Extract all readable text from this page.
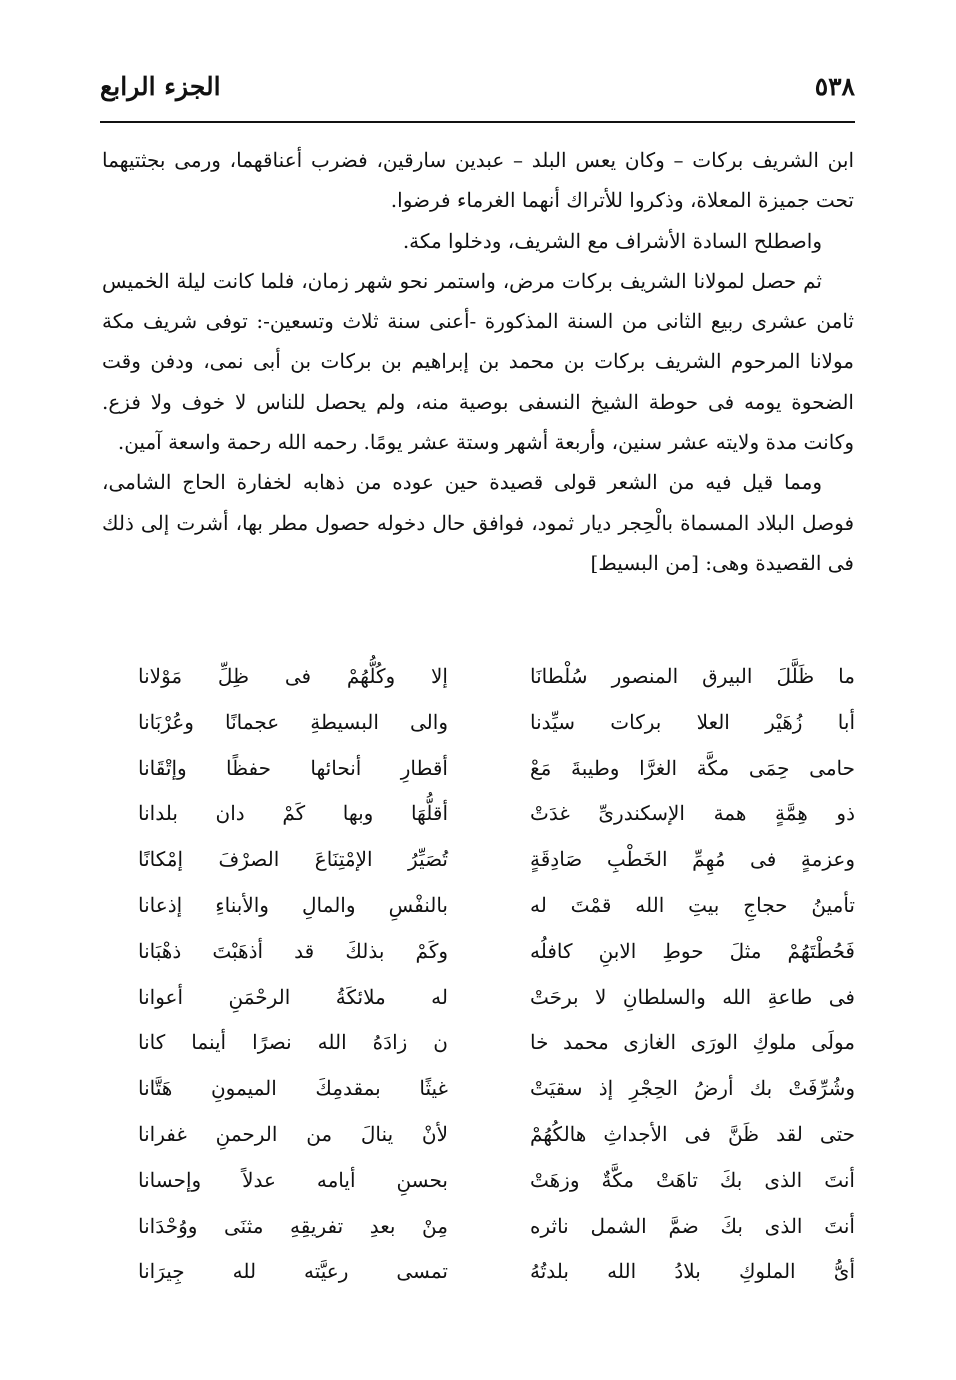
٥٣٨
الجزء الرابع

ابن الشريف بركات – وكان يعس البلد – عبدين سارقين، فضرب أعناقهما، ورمى بجثتيهما تحت جميزة المعلاة، وذكروا للأتراك أنهما الغرماء فرضوا.

واصطلح السادة الأشراف مع الشريف، ودخلوا مكة.

ثم حصل لمولانا الشريف بركات مرض، واستمر نحو شهر زمان، فلما كانت ليلة الخميس ثامن عشرى ربيع الثانى من السنة المذكورة -أعنى سنة ثلاث وتسعين-: توفى شريف مكة مولانا المرحوم الشريف بركات بن محمد بن إبراهيم بن بركات بن أبى نمى، ودفن وقت الضحوة يومه فى حوطة الشيخ النسفى بوصية منه، ولم يحصل للناس لا خوف ولا فزع. وكانت مدة ولايته عشر سنين، وأربعة أشهر وستة عشر يومًا. رحمه الله رحمة واسعة آمين.

ومما قيل فيه من الشعر قولى قصيدة حين عوده من ذهابه لخفارة الحاج الشامى، فوصل البلاد المسماة بالْحِجر ديار ثمود، فوافق حال دخوله حصول مطر بها، أشرت إلى ذلك فى القصيدة وهى: [من البسيط]

ما ظَلَّلَ البيرق المنصور سُلْطانَا
إلا وكُلُّهُمْ فى ظِلِّ مَوْلانا
أبا زُهَيْر العلا بركات سيِّدنا
والى البسيطةِ عجمانًا وعُرْبَانا
حامى حِمَى مكَّة الغرَّا وطيبةَ مَعْ
أقطارِ أنحائها حفظًا وإتْقَانا
ذو هِمَّةٍ همة الإسكندرىِّ غدَتْ
أقلُّهَا وبها كَمْ دان بلدانا
وعزمةٍ فى مُهِمِّ الخَطْبِ صَادِقَةٍ
تُصَيِّرُ الإمْتِنَاعَ الصرْفَ إمْكانًا
تأمينُ حجاجِ بيتِ الله قمْتَ له
بالنفْسِ والمالِ والأبناءِ إذعانا
فَحُطْتَهُمْ مثلَ حوطِ الابنِ كافلُه
وكَمْ بذلكَ قد أذهَبْتَ ذهْبَانا
فى طاعةِ الله والسلطانِ لا برحَتْ
له ملائكَةُ الرحْمَنِ أعوانا
مولَى ملوكِ الورَى الغازى محمد خا
ن زادَهُ الله نصرًا أينما كانا
وشُرِّفَتْ بك أرضُ الحِجْرِ إذ سقيَتْ
غيثًا بمقدمِكَ الميمونِ هَتَّانا
حتى لقد ظَنَّ فى الأجداثِ هالكُهُمْ
لأنْ ينالَ من الرحمنِ غفرانا
أنتَ الذى بكَ تاهَتْ مكَّةٌ وزهَتْ
بحسنِ أيامه عدلاً وإحسانا
أنتَ الذى بكَ ضمَّ الشمل ناثره
مِنْ بعدِ تفريقِهِ مثنَى ووُحْدَانا
أىُّ الملوكِ بلادُ الله بلدتُهُ
تمسى رعيَّته لله جِيرَانا
